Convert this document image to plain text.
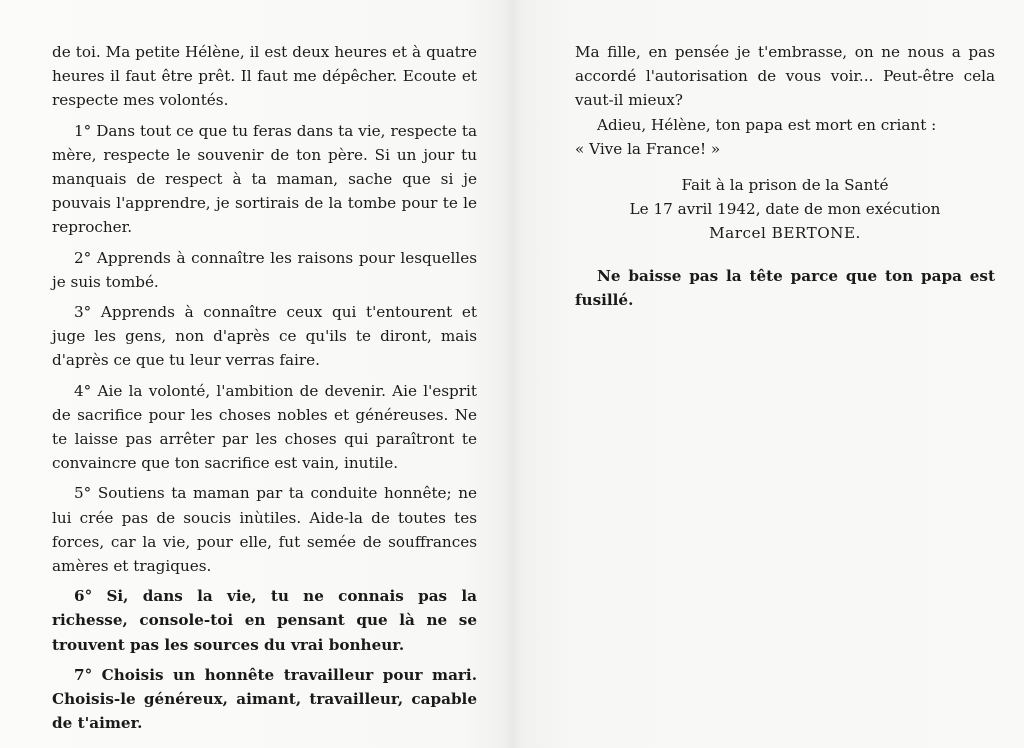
de toi. Ma petite Hélène, il est deux heures et à quatre heures il faut être prêt. Il faut me dépêcher. Ecoute et respecte mes volontés.

1° Dans tout ce que tu feras dans ta vie, respecte ta mère, respecte le souvenir de ton père. Si un jour tu manquais de respect à ta maman, sache que si je pouvais l'apprendre, je sortirais de la tombe pour te le reprocher.

2° Apprends à connaître les raisons pour lesquelles je suis tombé.

3° Apprends à connaître ceux qui t'entourent et juge les gens, non d'après ce qu'ils te diront, mais d'après ce que tu leur verras faire.

4° Aie la volonté, l'ambition de devenir. Aie l'esprit de sacrifice pour les choses nobles et généreuses. Ne te laisse pas arrêter par les choses qui paraîtront te convaincre que ton sacrifice est vain, inutile.

5° Soutiens ta maman par ta conduite honnête; ne lui crée pas de soucis inùtiles. Aide-la de toutes tes forces, car la vie, pour elle, fut semée de souffrances amères et tragiques.

6° Si, dans la vie, tu ne connais pas la richesse, console-toi en pensant que là ne se trouvent pas les sources du vrai bonheur.

7° Choisis un honnête travailleur pour mari. Choisis-le généreux, aimant, travailleur, capable de t'aimer.

Ma fille, en pensée je t'embrasse, on ne nous a pas accordé l'autorisation de vous voir... Peut-être cela vaut-il mieux?

Adieu, Hélène, ton papa est mort en criant :

« Vive la France! »

Fait à la prison de la Santé
Le 17 avril 1942, date de mon exécution
Marcel BERTONE.

Ne baisse pas la tête parce que ton papa est fusillé.
